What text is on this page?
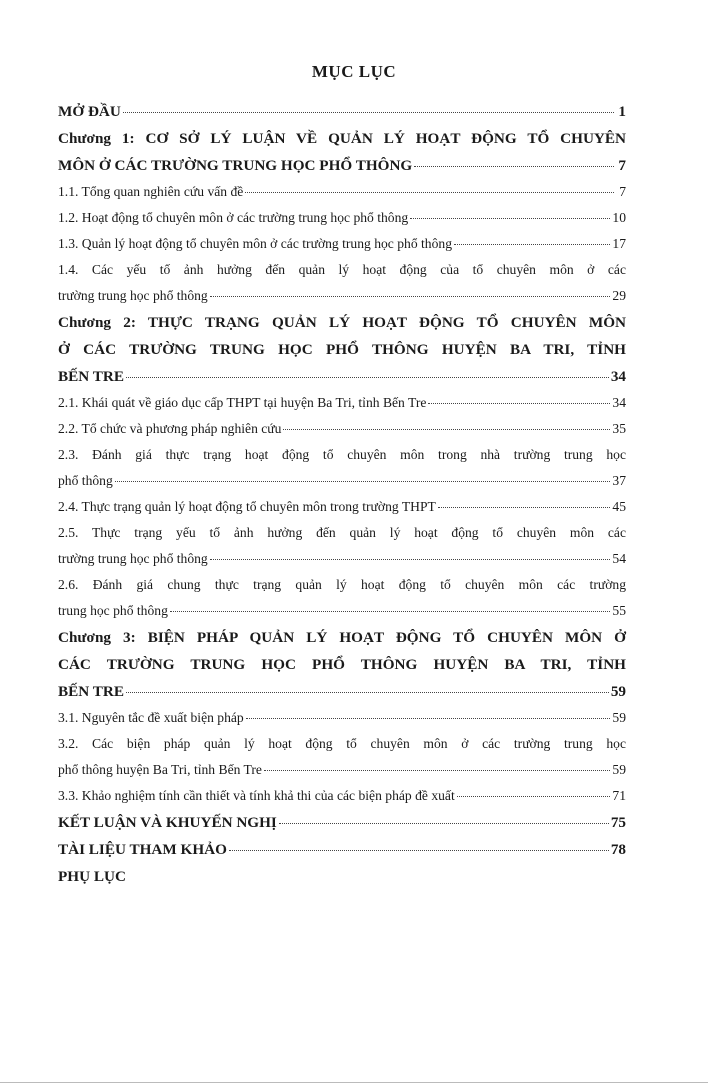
MỤC LỤC
MỞ ĐẦU	1
Chương 1: CƠ SỞ LÝ LUẬN VỀ QUẢN LÝ HOẠT ĐỘNG TỔ CHUYÊN
MÔN Ở CÁC TRƯỜNG TRUNG HỌC PHỔ THÔNG	7
1.1. Tổng quan nghiên cứu vấn đề	7
1.2. Hoạt động tổ chuyên môn ở các trường trung học phổ thông	10
1.3. Quản lý hoạt động tổ chuyên môn ở các trường trung học phổ thông	17
1.4. Các yếu tố ảnh hưởng đến quản lý hoạt động của tổ chuyên môn ở các
trường trung học phổ thông	29
Chương 2: THỰC TRẠNG QUẢN LÝ HOẠT ĐỘNG TỔ CHUYÊN MÔN
Ở CÁC TRƯỜNG TRUNG HỌC PHỔ THÔNG HUYỆN BA TRI, TỈNH
BẾN TRE	34
2.1. Khái quát về giáo dục cấp THPT tại huyện Ba Tri, tỉnh Bến Tre	34
2.2. Tổ chức và phương pháp nghiên cứu	35
2.3. Đánh giá thực trạng hoạt động tổ chuyên môn trong nhà trường trung học
phổ thông	37
2.4. Thực trạng quản lý hoạt động tổ chuyên môn trong trường THPT	45
2.5. Thực trạng yếu tố ảnh hưởng đến quản lý hoạt động tổ chuyên môn các
trường trung học phổ thông	54
2.6. Đánh giá chung thực trạng quản lý hoạt động tổ chuyên môn các trường
trung học phổ thông	55
Chương 3: BIỆN PHÁP QUẢN LÝ HOẠT ĐỘNG TỔ CHUYÊN MÔN Ở
CÁC TRƯỜNG TRUNG HỌC PHỔ THÔNG HUYỆN BA TRI, TỈNH
BẾN TRE	59
3.1. Nguyên tắc đề xuất biện pháp	59
3.2. Các biện pháp quản lý hoạt động tổ chuyên môn ở các trường trung học
phổ thông huyện Ba Tri, tỉnh Bến Tre	59
3.3. Khảo nghiệm tính cần thiết và tính khả thi của các biện pháp đề xuất	71
KẾT LUẬN VÀ KHUYẾN NGHỊ	75
TÀI LIỆU THAM KHẢO	78
PHỤ LỤC
